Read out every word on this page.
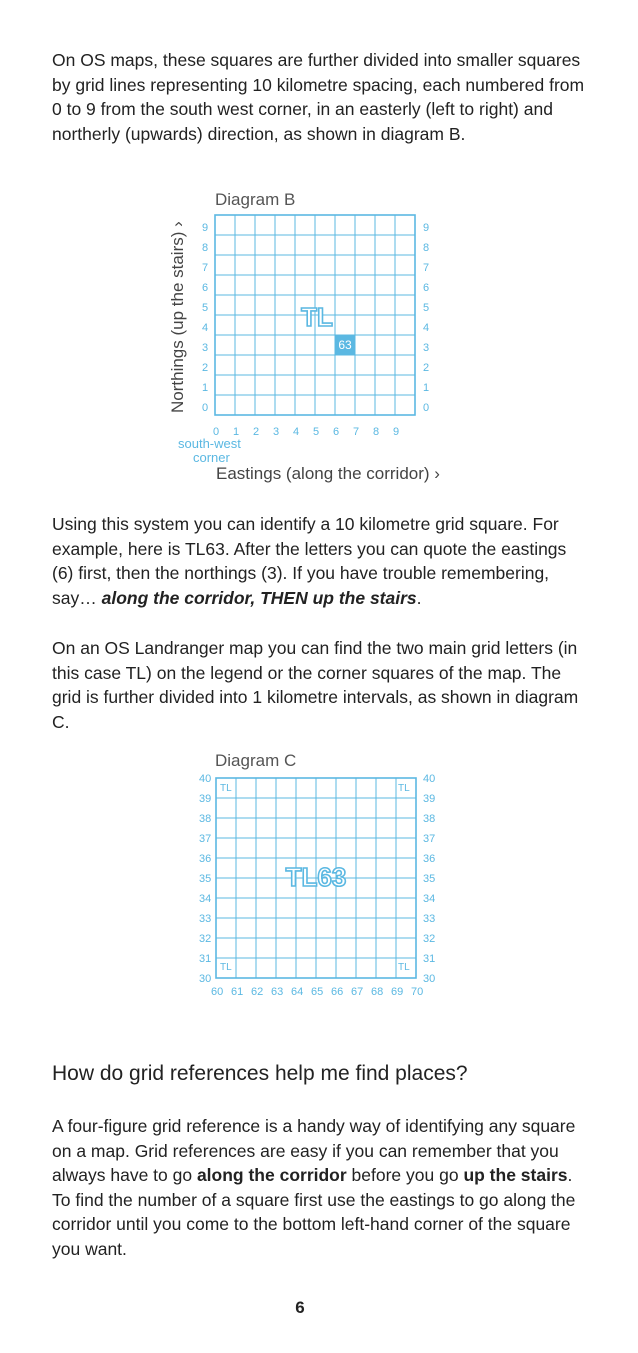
On OS maps, these squares are further divided into smaller squares by grid lines representing 10 kilometre spacing, each numbered from 0 to 9 from the south west corner, in an easterly (left to right) and northerly (upwards) direction, as shown in diagram B.

Diagram B
63
TL
0	0
1	1
2	2
3	3
4	4
5	5
6	6
7	7
8	8
9	9
0 1 2 3 4 5 6 7 8 9
Northings (up the stairs) ›
south-west
corner
Eastings (along the corridor) ›

Using this system you can identify a 10 kilometre grid square. For example, here is TL63. After the letters you can quote the eastings (6) first, then the northings (3). If you have trouble remembering, say… along the corridor, THEN up the stairs.

On an OS Landranger map you can find the two main grid letters (in this case TL) on the legend or the corner squares of the map. The grid is further divided into 1 kilometre intervals, as shown in diagram C.

Diagram C
TL63
TL	TL
TL	TL
30	30
31	31
32	32
33	33
34	34
35	35
36	36
37	37
38	38
39	39
40	40
60 61 62 63 64 65 66 67 68 69 70
How do grid references help me find places?

A four-figure grid reference is a handy way of identifying any square on a map. Grid references are easy if you can remember that you always have to go along the corridor before you go up the stairs. To find the number of a square first use the eastings to go along the corridor until you come to the bottom left-hand corner of the square you want.

6
